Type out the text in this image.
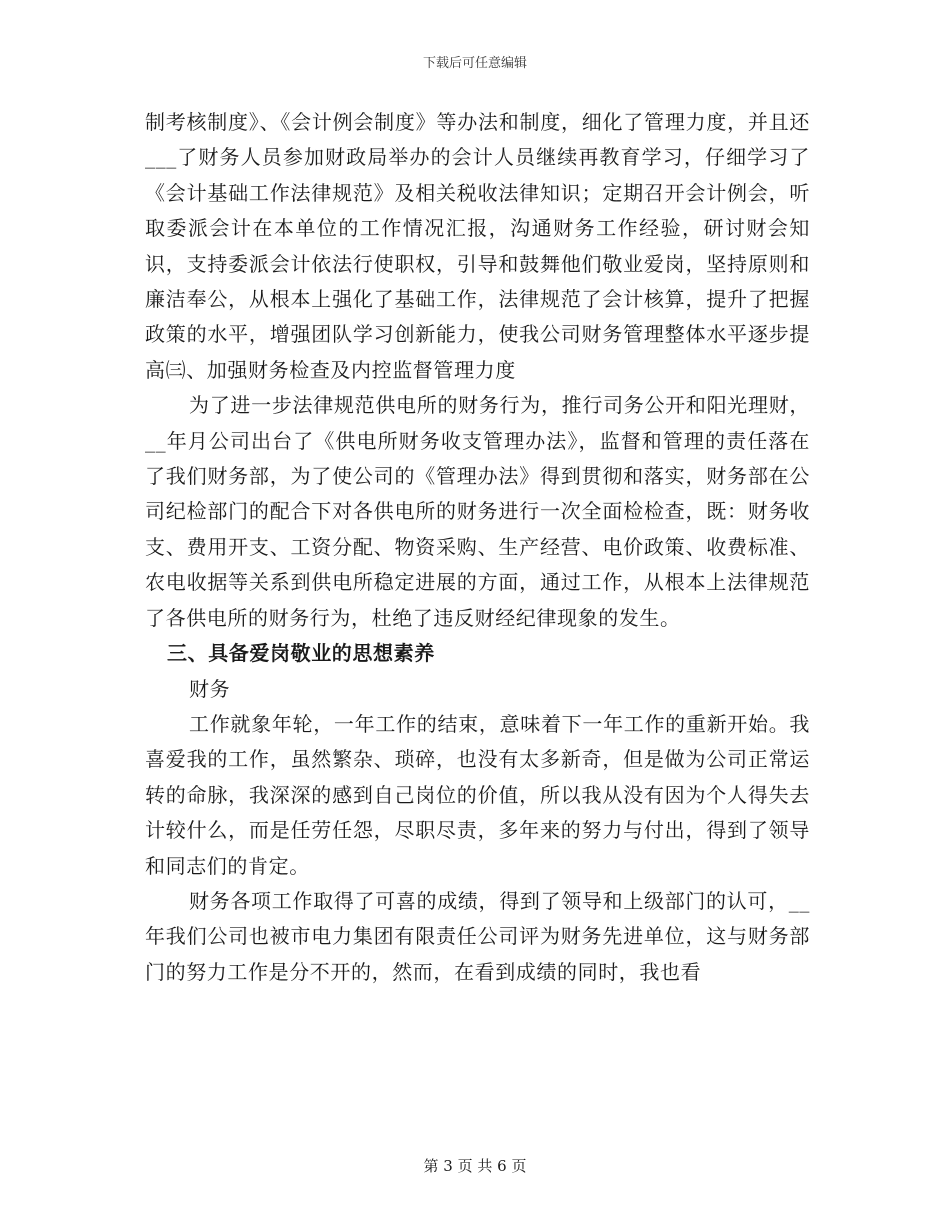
下载后可任意编辑

制考核制度》、《会计例会制度》等办法和制度，细化了管理力度，并且还___了财务人员参加财政局举办的会计人员继续再教育学习，仔细学习了《会计基础工作法律规范》及相关税收法律知识；定期召开会计例会，听取委派会计在本单位的工作情况汇报，沟通财务工作经验，研讨财会知识，支持委派会计依法行使职权，引导和鼓舞他们敬业爱岗，坚持原则和廉洁奉公，从根本上强化了基础工作，法律规范了会计核算，提升了把握政策的水平，增强团队学习创新能力，使我公司财务管理整体水平逐步提高㈢、加强财务检查及内控监督管理力度

为了进一步法律规范供电所的财务行为，推行司务公开和阳光理财，__年月公司出台了《供电所财务收支管理办法》，监督和管理的责任落在了我们财务部，为了使公司的《管理办法》得到贯彻和落实，财务部在公司纪检部门的配合下对各供电所的财务进行一次全面检检查，既：财务收支、费用开支、工资分配、物资采购、生产经营、电价政策、收费标准、农电收据等关系到供电所稳定进展的方面，通过工作，从根本上法律规范了各供电所的财务行为，杜绝了违反财经纪律现象的发生。

三、具备爱岗敬业的思想素养

财务

工作就象年轮，一年工作的结束，意味着下一年工作的重新开始。我喜爱我的工作，虽然繁杂、琐碎，也没有太多新奇，但是做为公司正常运转的命脉，我深深的感到自己岗位的价值，所以我从没有因为个人得失去计较什么，而是任劳任怨，尽职尽责，多年来的努力与付出，得到了领导和同志们的肯定。

财务各项工作取得了可喜的成绩，得到了领导和上级部门的认可，__年我们公司也被市电力集团有限责任公司评为财务先进单位，这与财务部门的努力工作是分不开的，然而，在看到成绩的同时，我也看

第 3 页 共 6 页
